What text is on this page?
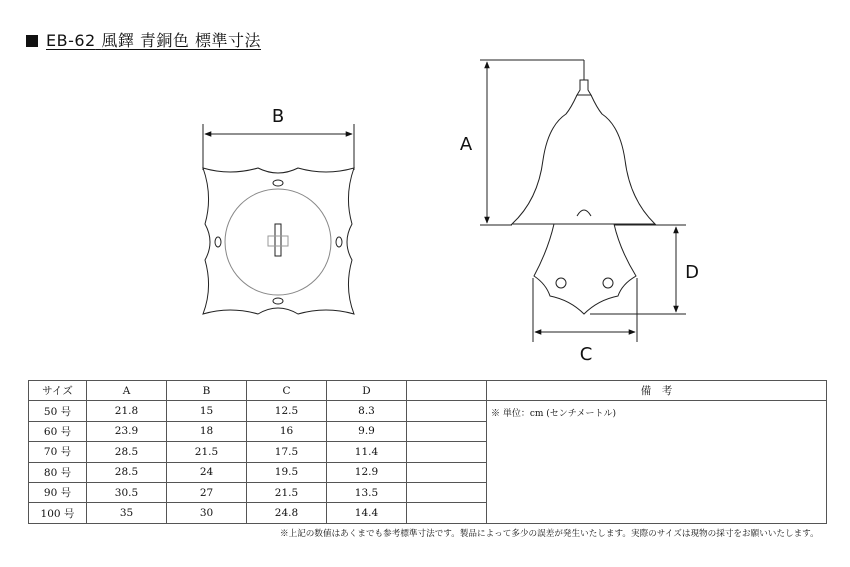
EB-62 風鐸 青銅色 標準寸法
B
A
D
C
サイズ	A	B	C	D		備　考
50 号	21.8	15	12.5	8.3		※ 単位：cm (センチメートル)
60 号	23.9	18	16	9.9		
70 号	28.5	21.5	17.5	11.4		
80 号	28.5	24	19.5	12.9		
90 号	30.5	27	21.5	13.5		
100 号	35	30	24.8	14.4		
※上記の数値はあくまでも参考標準寸法です。製品によって多少の誤差が発生いたします。実際のサイズは現物の採寸をお願いいたします。
